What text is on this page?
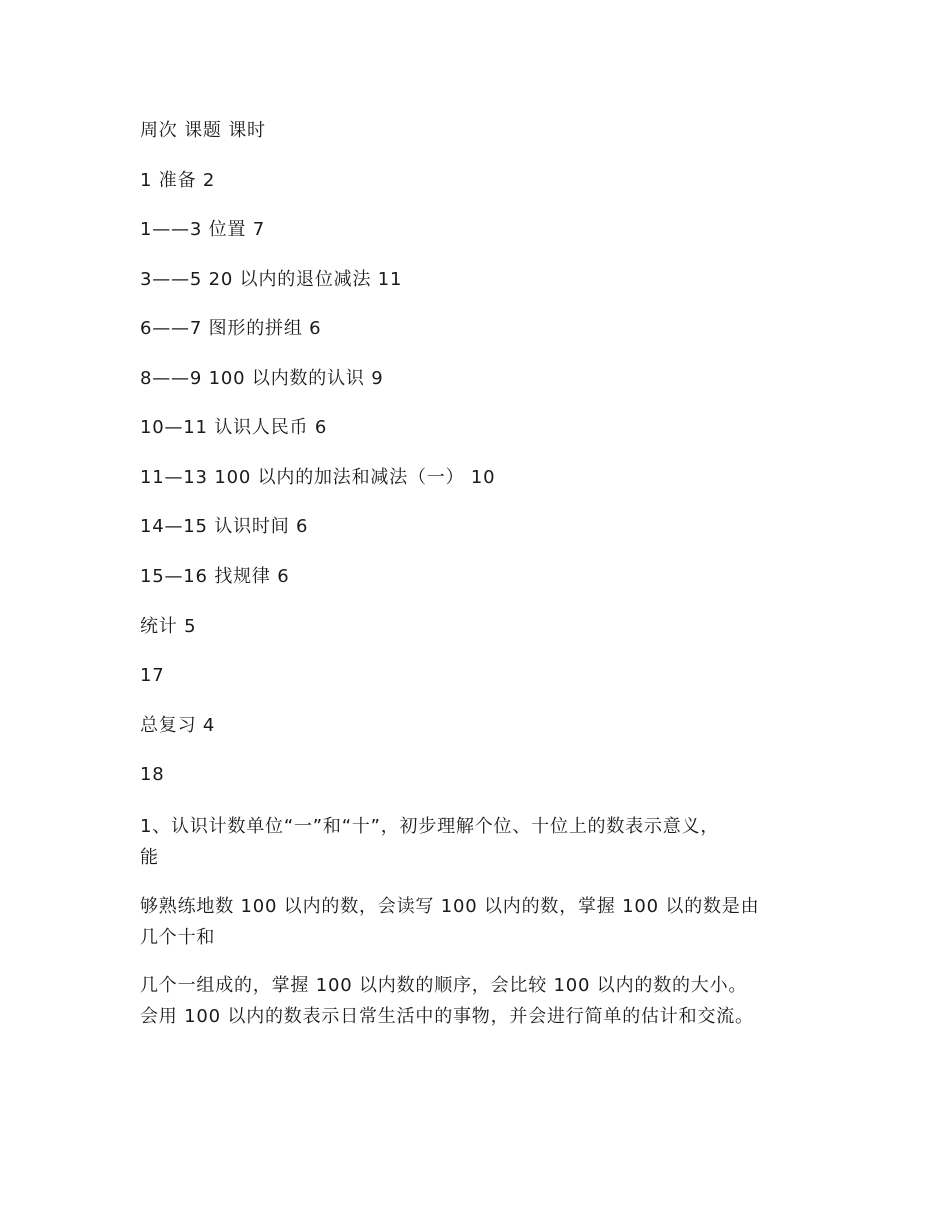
周次 课题 课时
1 准备 2
1——3 位置 7
3——5 20 以内的退位减法 11
6——7 图形的拼组 6
8——9 100 以内数的认识 9
10—11 认识人民币 6
11—13 100 以内的加法和减法（一） 10
14—15 认识时间 6
15—16 找规律 6
统计 5
17
总复习 4
18
1、认识计数单位“一”和“十”，初步理解个位、十位上的数表示意义，
能
够熟练地数 100 以内的数，会读写 100 以内的数，掌握 100 以的数是由
几个十和
几个一组成的，掌握 100 以内数的顺序，会比较 100 以内的数的大小。
会用 100 以内的数表示日常生活中的事物，并会进行简单的估计和交流。
